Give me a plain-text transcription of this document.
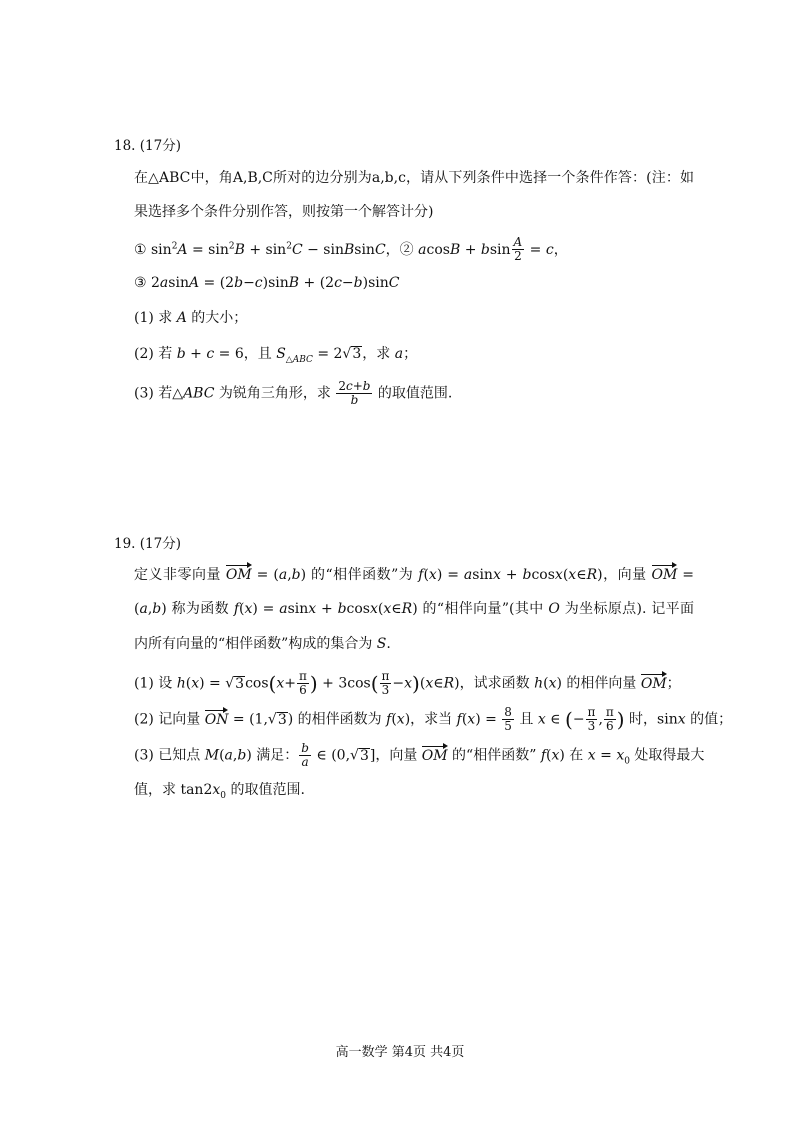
18. (17分)
在△ABC中，角A,B,C所对的边分别为a,b,c，请从下列条件中选择一个条件作答：(注：如
果选择多个条件分别作答，则按第一个解答计分)
① $\sin^2A = \sin^2B + \sin^2C$ − sinBsinC，② acosB + bsin $\frac{A}{2} = c$，
③ 2asinA = (2b−c)sinB + (2c−b)sinC
(1) 求 A 的大小；
(2) 若 b + c = 6，且 $S_{\triangle ABC} = 2√3$，求 a；
(3) 若△ABC 为锐角三角形，求 $\frac{2c+b}{b}$ 的取值范围.
19. (17分)
定义非零向量 OM = (a,b) 的“相伴函数”为 f(x) = asinx + bcosx(x∈R)，向量 OM =
(a,b) 称为函数 f(x) = asinx + bcosx(x∈R) 的“相伴向量”(其中 O 为坐标原点). 记平面
内所有向量的“相伴函数”构成的集合为 S.
(1) 设 $h(x) = √3\cos(x+ \frac{\pi}{6}$ ) + $3\cos( \frac{\pi}{3}$ −x)(x∈R)，试求函数 h(x) 的相伴向量 OM；
(2) 记向量 ON = (1,√3) 的相伴函数为 f(x)，求当 $f(x) = \frac{8}{5}$ 且 x ∈ (− $\frac{\pi}{3}$ , $\frac{\pi}{6}$ ) 时，sinx 的值；
(3) 已知点 M(a,b) 满足： $\frac{b}{a}$ ∈ (0,√3]，向量 OM 的“相伴函数” f(x) 在 $x = x_0$ 处取得最大
值，求 $\tan 2x_0$ 的取值范围.
高一数学 第4页 共4页
